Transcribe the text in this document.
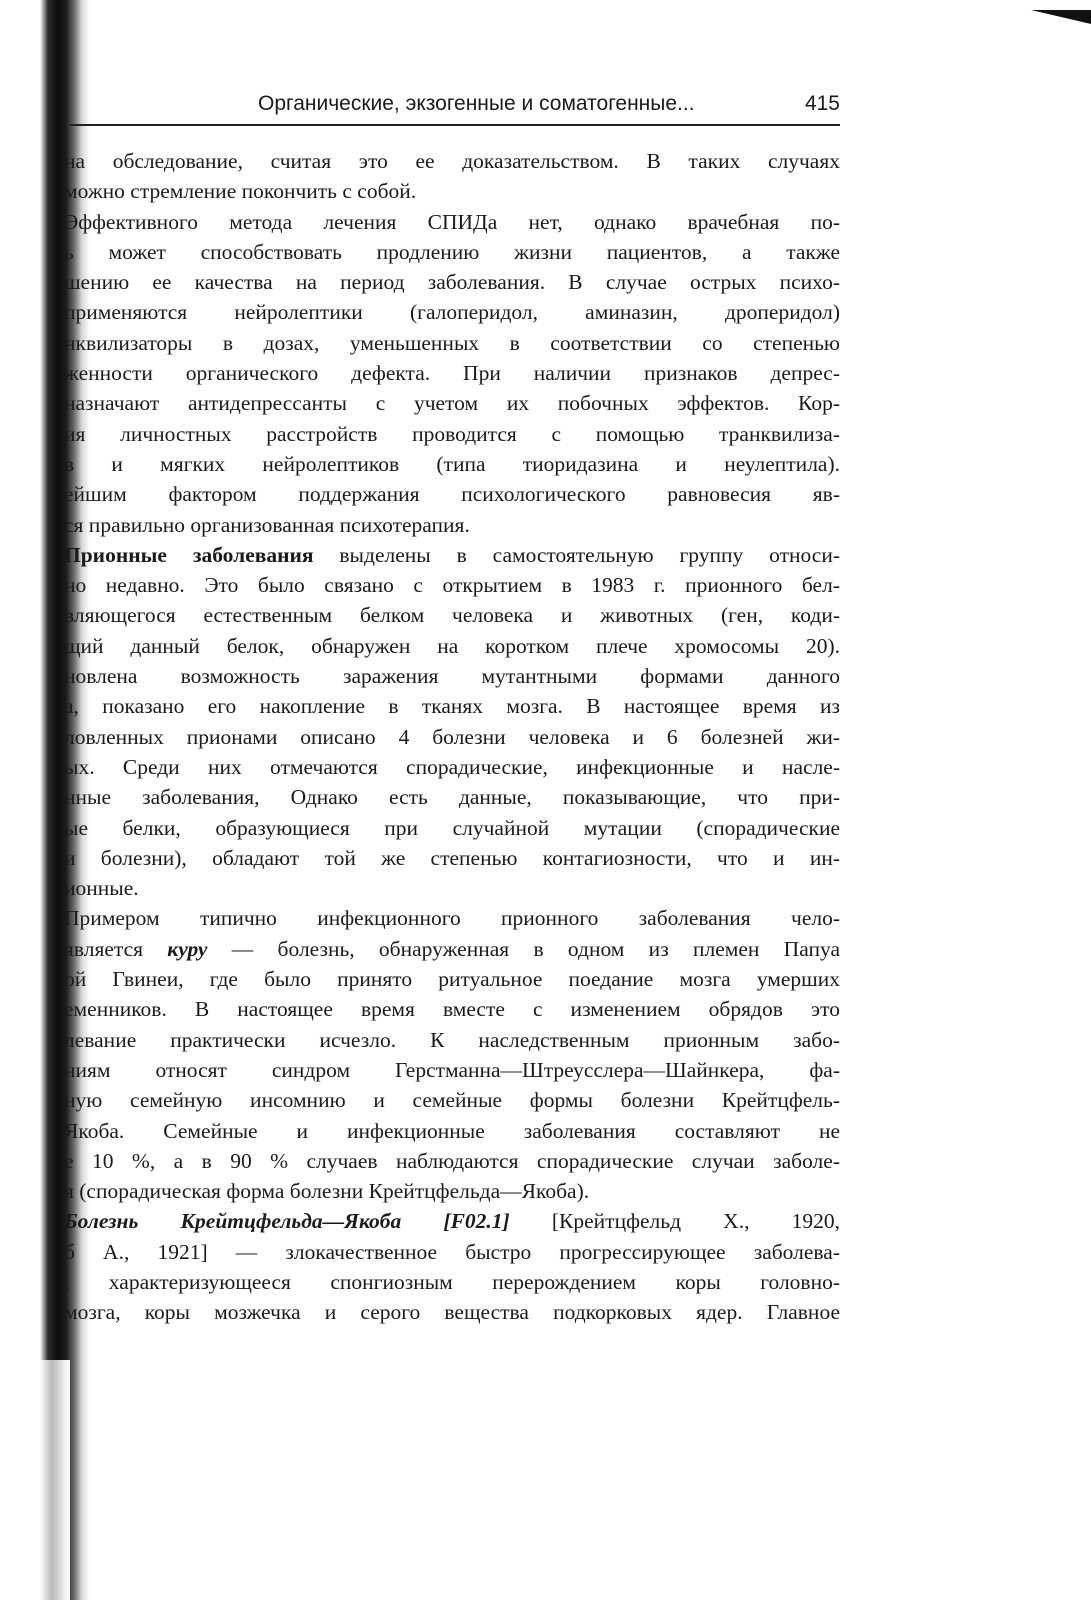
Органические, экзогенные и соматогенные...	415
на обследование, считая это ее доказательством. В таких случаях
можно стремление покончить с собой.
Эффективного метода лечения СПИДа нет, однако врачебная по-
ь может способствовать продлению жизни пациентов, а также
шению ее качества на период заболевания. В случае острых психо-
применяются нейролептики (галоперидол, аминазин, дроперидол)
нквилизаторы в дозах, уменьшенных в соответствии со степенью
женности органического дефекта. При наличии признаков депрес-
назначают антидепрессанты с учетом их побочных эффектов. Кор-
ия личностных расстройств проводится с помощью транквилиза-
в и мягких нейролептиков (типа тиоридазина и неулептила).
ейшим фактором поддержания психологического равновесия яв-
ся правильно организованная психотерапия.
Прионные заболевания выделены в самостоятельную группу относи-
но недавно. Это было связано с открытием в 1983 г. прионного бел-
вляющегося естественным белком человека и животных (ген, коди-
щий данный белок, обнаружен на коротком плече хромосомы 20).
новлена возможность заражения мутантными формами данного
а, показано его накопление в тканях мозга. В настоящее время из
ловленных прионами описано 4 болезни человека и 6 болезней жи-
ых. Среди них отмечаются спорадические, инфекционные и насле-
нные заболевания, Однако есть данные, показывающие, что при-
ые белки, образующиеся при случайной мутации (спорадические
и болезни), обладают той же степенью контагиозности, что и ин-
ионные.
Примером типично инфекционного прионного заболевания чело-
является куру — болезнь, обнаруженная в одном из племен Папуа
ой Гвинеи, где было принято ритуальное поедание мозга умерших
еменников. В настоящее время вместе с изменением обрядов это
левание практически исчезло. К наследственным прионным забо-
ниям относят синдром Герстманна—Штреусслера—Шайнкера, фа-
ную семейную инсомнию и семейные формы болезни Крейтцфель-
Якоба. Семейные и инфекционные заболевания составляют не
е 10 %, а в 90 % случаев наблюдаются спорадические случаи заболе-
я (спорадическая форма болезни Крейтцфельда—Якоба).
Болезнь Крейтцфельда—Якоба [F02.1] [Крейтцфельд Х., 1920,
б А., 1921] — злокачественное быстро прогрессирующее заболева-
, характеризующееся спонгиозным перерождением коры головно-
мозга, коры мозжечка и серого вещества подкорковых ядер. Главное
